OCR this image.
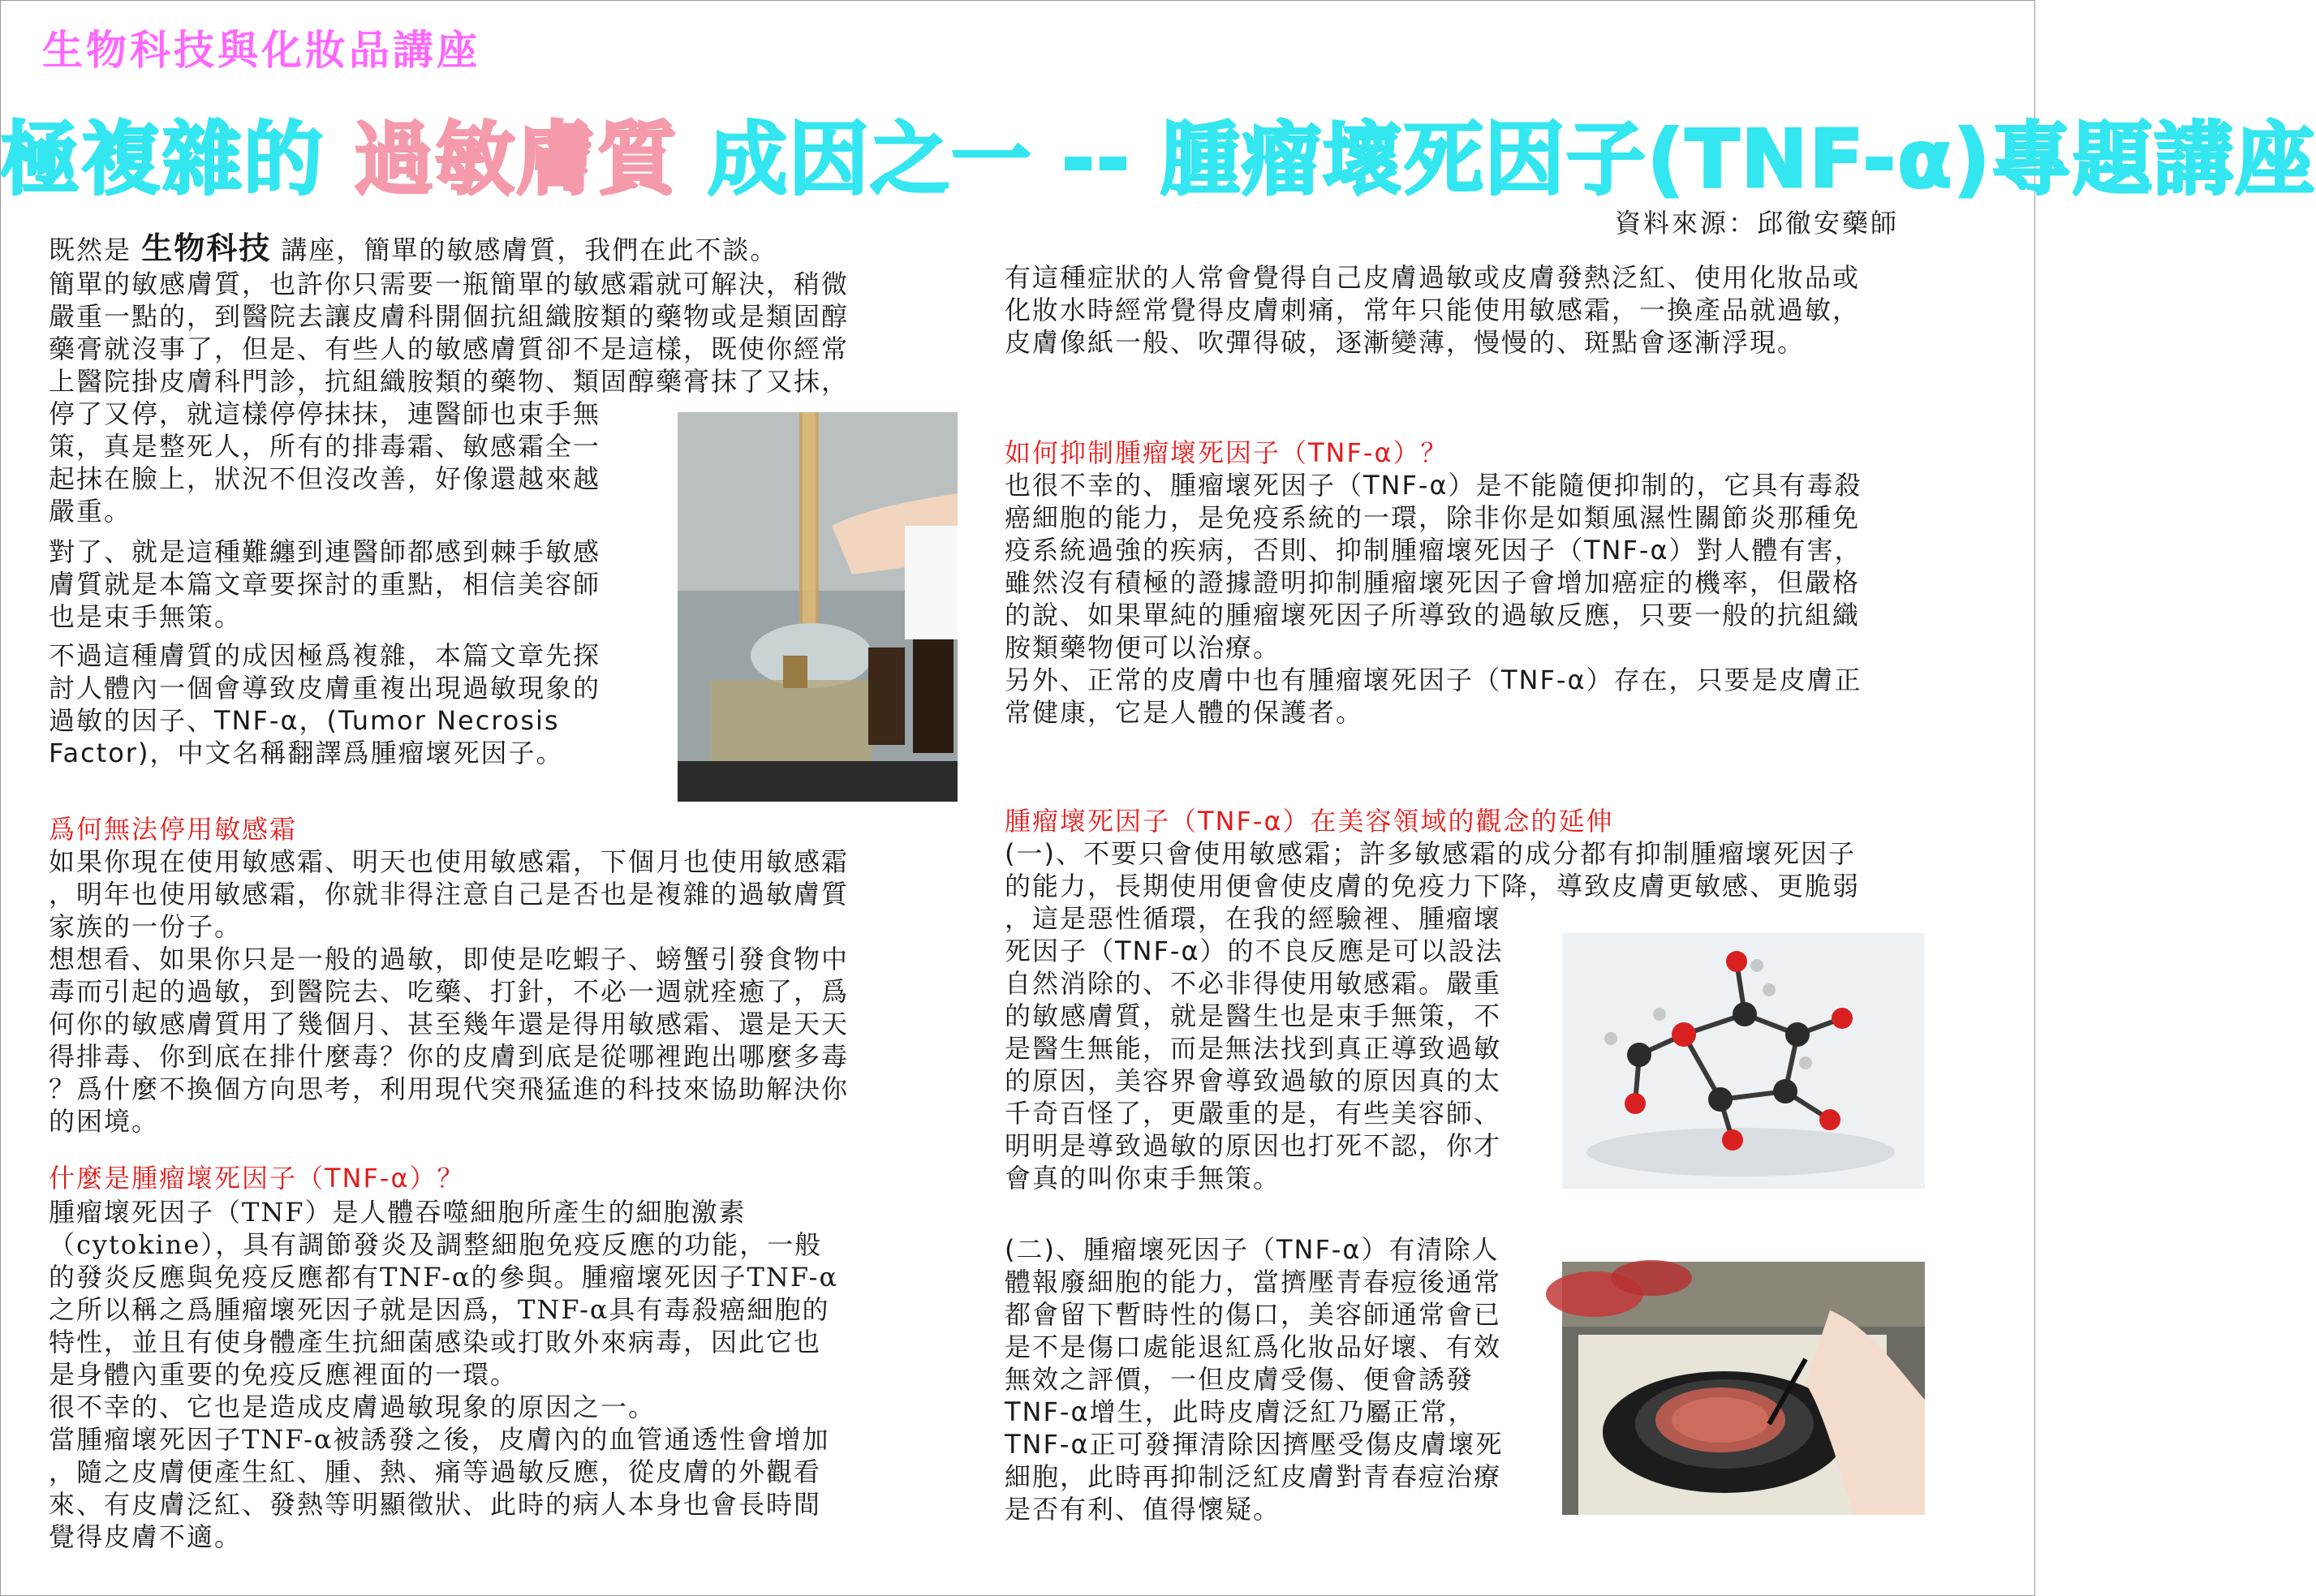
生物科技與化妝品講座
極複雜的 過敏膚質 成因之一 -- 腫瘤壞死因子(TNF-α)專題講座
資料來源：邱徹安藥師
既然是 生物科技 講座，簡單的敏感膚質，我們在此不談。

簡單的敏感膚質，也許你只需要一瓶簡單的敏感霜就可解決，稍微
嚴重一點的，到醫院去讓皮膚科開個抗組織胺類的藥物或是類固醇
藥膏就沒事了，但是、有些人的敏感膚質卻不是這樣，既使你經常
上醫院掛皮膚科門診，抗組織胺類的藥物、類固醇藥膏抹了又抹，

停了又停，就這樣停停抹抹，連醫師也束手無
策，真是整死人，所有的排毒霜、敏感霜全一
起抹在臉上，狀況不但沒改善，好像還越來越
嚴重。

對了、就是這種難纏到連醫師都感到棘手敏感
膚質就是本篇文章要探討的重點，相信美容師
也是束手無策。

不過這種膚質的成因極爲複雜，本篇文章先探
討人體內一個會導致皮膚重複出現過敏現象的
過敏的因子、TNF-α，(Tumor Necrosis
Factor)，中文名稱翻譯爲腫瘤壞死因子。

爲何無法停用敏感霜

如果你現在使用敏感霜、明天也使用敏感霜，下個月也使用敏感霜
，明年也使用敏感霜，你就非得注意自己是否也是複雜的過敏膚質
家族的一份子。

想想看、如果你只是一般的過敏，即使是吃蝦子、螃蟹引發食物中
毒而引起的過敏，到醫院去、吃藥、打針，不必一週就痊癒了，爲
何你的敏感膚質用了幾個月、甚至幾年還是得用敏感霜、還是天天
得排毒、你到底在排什麼毒？你的皮膚到底是從哪裡跑出哪麼多毒
？爲什麼不換個方向思考，利用現代突飛猛進的科技來協助解決你
的困境。

什麼是腫瘤壞死因子（TNF-α）？

腫瘤壞死因子（TNF）是人體吞噬細胞所產生的細胞激素
（cytokine），具有調節發炎及調整細胞免疫反應的功能，一般
的發炎反應與免疫反應都有TNF-α的參與。腫瘤壞死因子TNF-α
之所以稱之爲腫瘤壞死因子就是因爲，TNF-α具有毒殺癌細胞的
特性，並且有使身體產生抗細菌感染或打敗外來病毒，因此它也
是身體內重要的免疫反應裡面的一環。

很不幸的、它也是造成皮膚過敏現象的原因之一。

當腫瘤壞死因子TNF-α被誘發之後，皮膚內的血管通透性會增加
，隨之皮膚便產生紅、腫、熱、痛等過敏反應，從皮膚的外觀看
來、有皮膚泛紅、發熱等明顯徵狀、此時的病人本身也會長時間
覺得皮膚不適。

有這種症狀的人常會覺得自己皮膚過敏或皮膚發熱泛紅、使用化妝品或
化妝水時經常覺得皮膚刺痛，常年只能使用敏感霜，一換產品就過敏，
皮膚像紙一般、吹彈得破，逐漸變薄，慢慢的、斑點會逐漸浮現。

如何抑制腫瘤壞死因子（TNF-α）？

也很不幸的、腫瘤壞死因子（TNF-α）是不能隨便抑制的，它具有毒殺
癌細胞的能力，是免疫系統的一環，除非你是如類風濕性關節炎那種免
疫系統過強的疾病，否則、抑制腫瘤壞死因子（TNF-α）對人體有害，
雖然沒有積極的證據證明抑制腫瘤壞死因子會增加癌症的機率，但嚴格
的說、如果單純的腫瘤壞死因子所導致的過敏反應，只要一般的抗組織
胺類藥物便可以治療。

另外、正常的皮膚中也有腫瘤壞死因子（TNF-α）存在，只要是皮膚正
常健康，它是人體的保護者。

腫瘤壞死因子（TNF-α）在美容領域的觀念的延伸

(一)、不要只會使用敏感霜；許多敏感霜的成分都有抑制腫瘤壞死因子
的能力，長期使用便會使皮膚的免疫力下降，導致皮膚更敏感、更脆弱

，這是惡性循環，在我的經驗裡、腫瘤壞
死因子（TNF-α）的不良反應是可以設法
自然消除的、不必非得使用敏感霜。嚴重
的敏感膚質，就是醫生也是束手無策，不
是醫生無能，而是無法找到真正導致過敏
的原因，美容界會導致過敏的原因真的太
千奇百怪了，更嚴重的是，有些美容師、
明明是導致過敏的原因也打死不認，你才
會真的叫你束手無策。

(二)、腫瘤壞死因子（TNF-α）有清除人
體報廢細胞的能力，當擠壓青春痘後通常
都會留下暫時性的傷口，美容師通常會已
是不是傷口處能退紅爲化妝品好壞、有效
無效之評價，一但皮膚受傷、便會誘發
TNF-α增生，此時皮膚泛紅乃屬正常，
TNF-α正可發揮清除因擠壓受傷皮膚壞死
細胞，此時再抑制泛紅皮膚對青春痘治療
是否有利、值得懷疑。
